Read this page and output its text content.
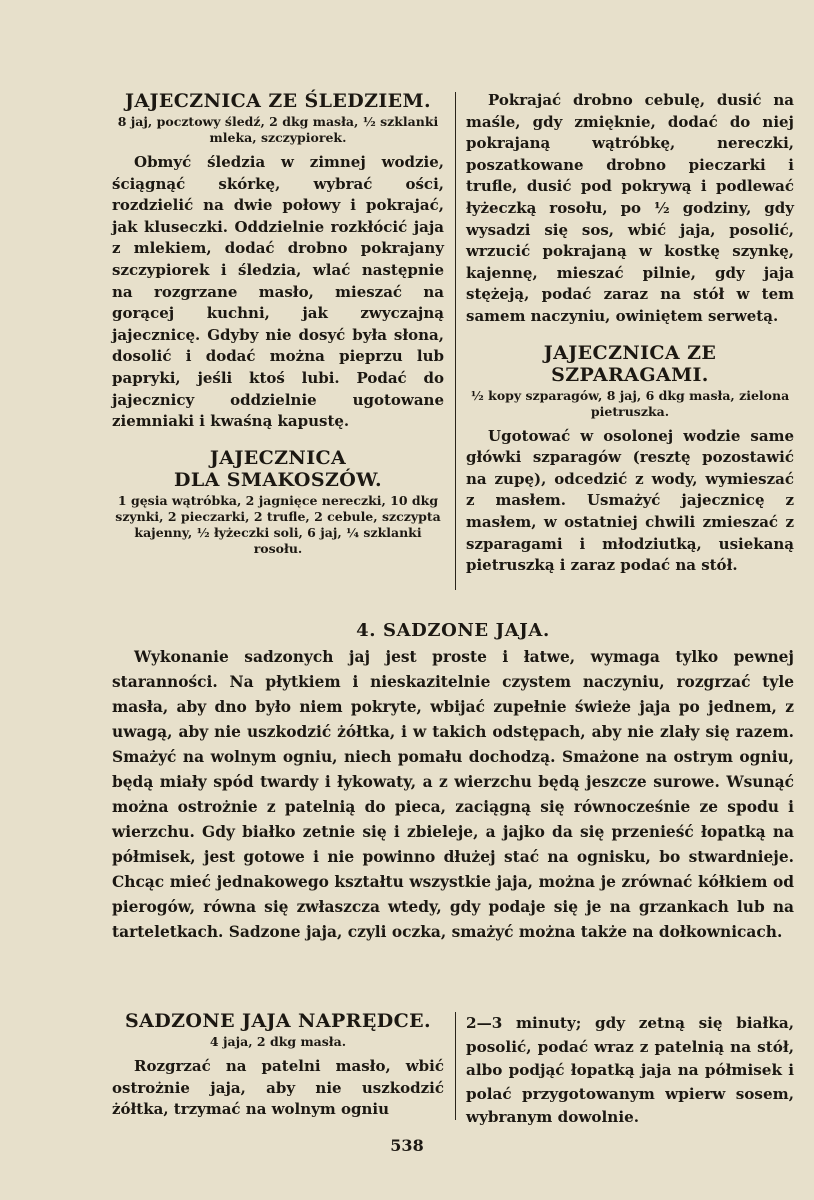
JAJECZNICA ZE ŚLEDZIEM.

8 jaj, pocztowy śledź, 2 dkg masła, ½ szklanki mleka, szczypiorek.

Obmyć śledzia w zimnej wodzie, ściągnąć skórkę, wybrać ości, rozdzielić na dwie połowy i pokrajać, jak kluseczki. Oddzielnie rozkłócić jaja z mlekiem, dodać drobno pokrajany szczypiorek i śledzia, wlać następnie na rozgrzane masło, mieszać na gorącej kuchni, jak zwyczajną jajecznicę. Gdyby nie dosyć była słona, dosolić i dodać można pieprzu lub papryki, jeśli ktoś lubi. Podać do jajecznicy oddzielnie ugotowane ziemniaki i kwaśną kapustę.

JAJECZNICA
DLA SMAKOSZÓW.

1 gęsia wątróbka, 2 jagnięce nereczki, 10 dkg szynki, 2 pieczarki, 2 trufle, 2 cebule, szczypta kajenny, ½ łyżeczki soli, 6 jaj, ¼ szklanki rosołu.

Pokrajać drobno cebulę, dusić na maśle, gdy zmięknie, dodać do niej pokrajaną wątróbkę, nereczki, poszatkowane drobno pieczarki i trufle, dusić pod pokrywą i podlewać łyżeczką rosołu, po ½ godziny, gdy wysadzi się sos, wbić jaja, posolić, wrzucić pokrajaną w kostkę szynkę, kajennę, mieszać pilnie, gdy jaja stężeją, podać zaraz na stół w tem samem naczyniu, owiniętem serwetą.

JAJECZNICA ZE SZPARAGAMI.

½ kopy szparagów, 8 jaj, 6 dkg masła, zielona pietruszka.

Ugotować w osolonej wodzie same główki szparagów (resztę pozostawić na zupę), odcedzić z wody, wymieszać z masłem. Usmażyć jajecznicę z masłem, w ostatniej chwili zmieszać z szparagami i młodziutką, usiekaną pietruszką i zaraz podać na stół.

4. SADZONE JAJA.

Wykonanie sadzonych jaj jest proste i łatwe, wymaga tylko pewnej staranności. Na płytkiem i nieskazitelnie czystem naczyniu, rozgrzać tyle masła, aby dno było niem pokryte, wbijać zupełnie świeże jaja po jednem, z uwagą, aby nie uszkodzić żółtka, i w takich odstępach, aby nie zlały się razem. Smażyć na wolnym ogniu, niech pomału dochodzą. Smażone na ostrym ogniu, będą miały spód twardy i łykowaty, a z wierzchu będą jeszcze surowe. Wsunąć można ostrożnie z patelnią do pieca, zaciągną się równocześnie ze spodu i wierzchu. Gdy białko zetnie się i zbieleje, a jajko da się przenieść łopatką na półmisek, jest gotowe i nie powinno dłużej stać na ognisku, bo stwardnieje. Chcąc mieć jednakowego kształtu wszystkie jaja, można je zrównać kółkiem od pierogów, równa się zwłaszcza wtedy, gdy podaje się je na grzankach lub na tarteletkach. Sadzone jaja, czyli oczka, smażyć można także na dołkownicach.

SADZONE JAJA NAPRĘDCE.

4 jaja, 2 dkg masła.

Rozgrzać na patelni masło, wbić ostrożnie jaja, aby nie uszkodzić żółtka, trzymać na wolnym ogniu

2—3 minuty; gdy zetną się białka, posolić, podać wraz z patelnią na stół, albo podjąć łopatką jaja na półmisek i polać przygotowanym wpierw sosem, wybranym dowolnie.

538
